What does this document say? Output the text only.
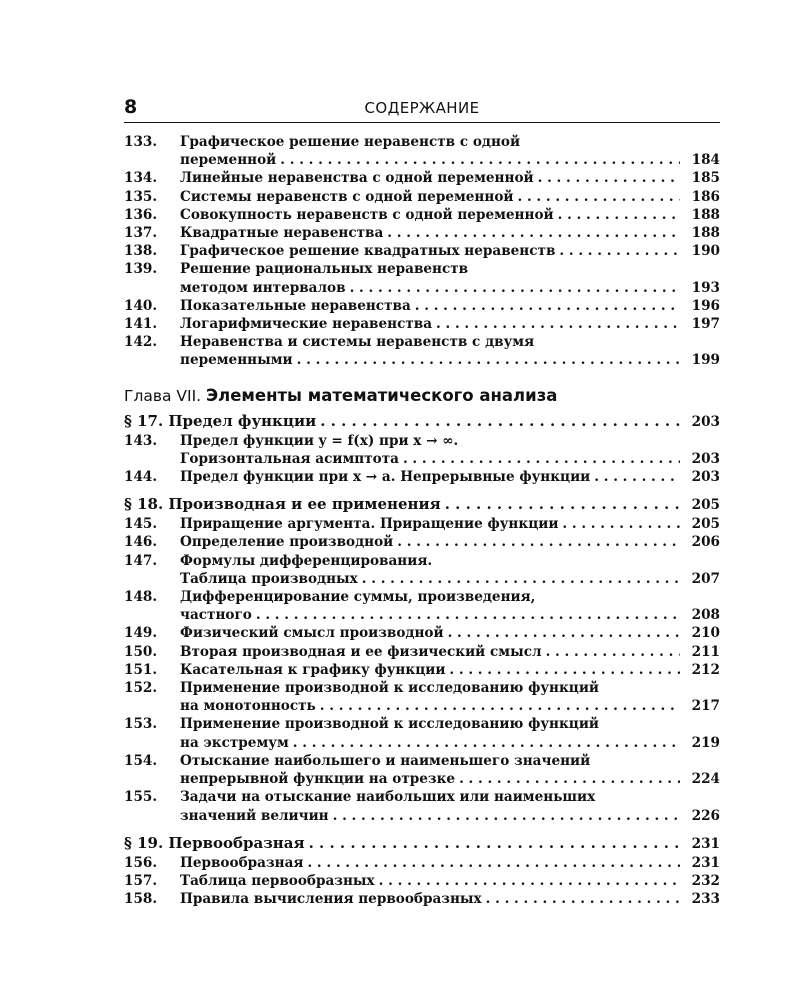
8	СОДЕРЖАНИЕ
133.	Графическое решение неравенств с одной
переменной . . .	184
134.	Линейные неравенства с одной переменной . . .	185
135.	Системы неравенств с одной переменной . . .	186
136.	Совокупность неравенств с одной переменной . . .	188
137.	Квадратные неравенства . . .	188
138.	Графическое решение квадратных неравенств . . .	190
139.	Решение рациональных неравенств
методом интервалов . . .	193
140.	Показательные неравенства . . .	196
141.	Логарифмические неравенства . . .	197
142.	Неравенства и системы неравенств с двумя
переменными . . .	199
Глава VII. Элементы математического анализа
§ 17. Предел функции . . .	203
143.	Предел функции y = f(x) при x → ∞.
Горизонтальная асимптота . . .	203
144.	Предел функции при x → a. Непрерывные функции . . .	203
§ 18. Производная и ее применения . . .	205
145.	Приращение аргумента. Приращение функции . . .	205
146.	Определение производной . . .	206
147.	Формулы дифференцирования.
Таблица производных . . .	207
148.	Дифференцирование суммы, произведения,
частного . . .	208
149.	Физический смысл производной . . .	210
150.	Вторая производная и ее физический смысл . . .	211
151.	Касательная к графику функции . . .	212
152.	Применение производной к исследованию функций
на монотонность . . .	217
153.	Применение производной к исследованию функций
на экстремум . . .	219
154.	Отыскание наибольшего и наименьшего значений
непрерывной функции на отрезке . . .	224
155.	Задачи на отыскание наибольших или наименьших
значений величин . . .	226
§ 19. Первообразная . . .	231
156.	Первообразная . . .	231
157.	Таблица первообразных . . .	232
158.	Правила вычисления первообразных . . .	233
